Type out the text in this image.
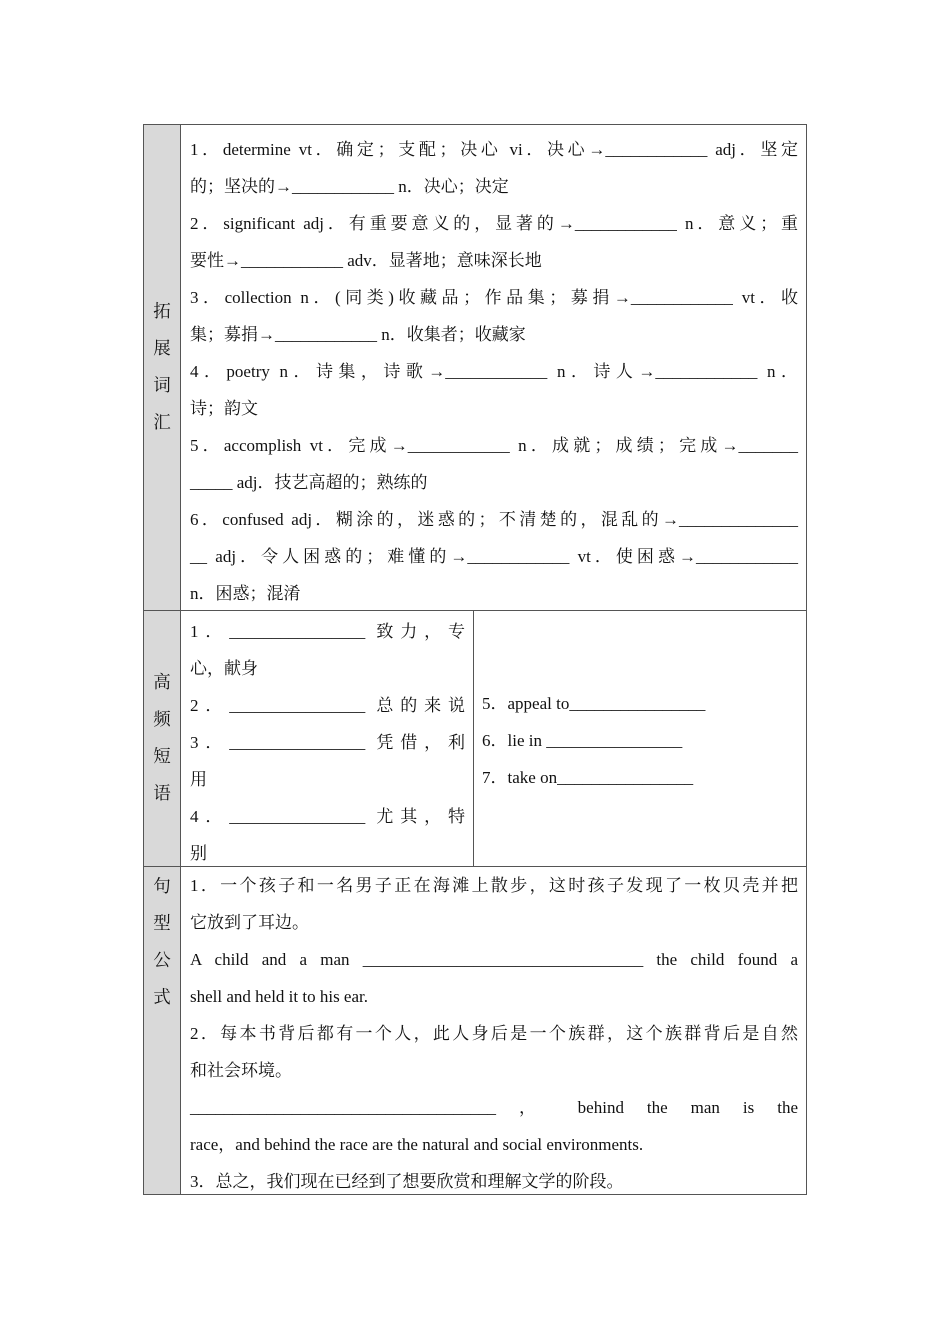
拓展词汇
1．determine vt．确定；支配；决心 vi．决心→____________ adj．坚定
的；坚决的→____________ n．决心；决定
2．significant adj．有重要意义的，显著的→____________ n．意义；重
要性→____________ adv．显著地；意味深长地
3．collection n．(同类)收藏品；作品集；募捐→____________ vt．收
集；募捐→____________ n．收集者；收藏家
4．poetry n．诗集，诗歌→____________ n．诗人→____________ n．
诗；韵文
5．accomplish vt．完成→____________ n．成就；成绩；完成→_______
_____ adj．技艺高超的；熟练的
6．confused adj．糊涂的，迷惑的；不清楚的，混乱的→______________
__ adj．令人困惑的；难懂的→____________ vt．使困惑→____________
n．困惑；混淆
高频短语
1．________________ 致力，专
心，献身
2．________________ 总的来说
3．________________ 凭借，利
用
4．________________ 尤其，特
别
5．appeal to________________
6．lie in ________________
7．take on________________
句型公式
1．一个孩子和一名男子正在海滩上散步，这时孩子发现了一枚贝壳并把
它放到了耳边。
A child and a man _________________________________ the child found a
shell and held it to his ear.
2．每本书背后都有一个人，此人身后是一个族群，这个族群背后是自然
和社会环境。
____________________________________ ， behind the man is the
race，and behind the race are the natural and social environments.
3．总之，我们现在已经到了想要欣赏和理解文学的阶段。
